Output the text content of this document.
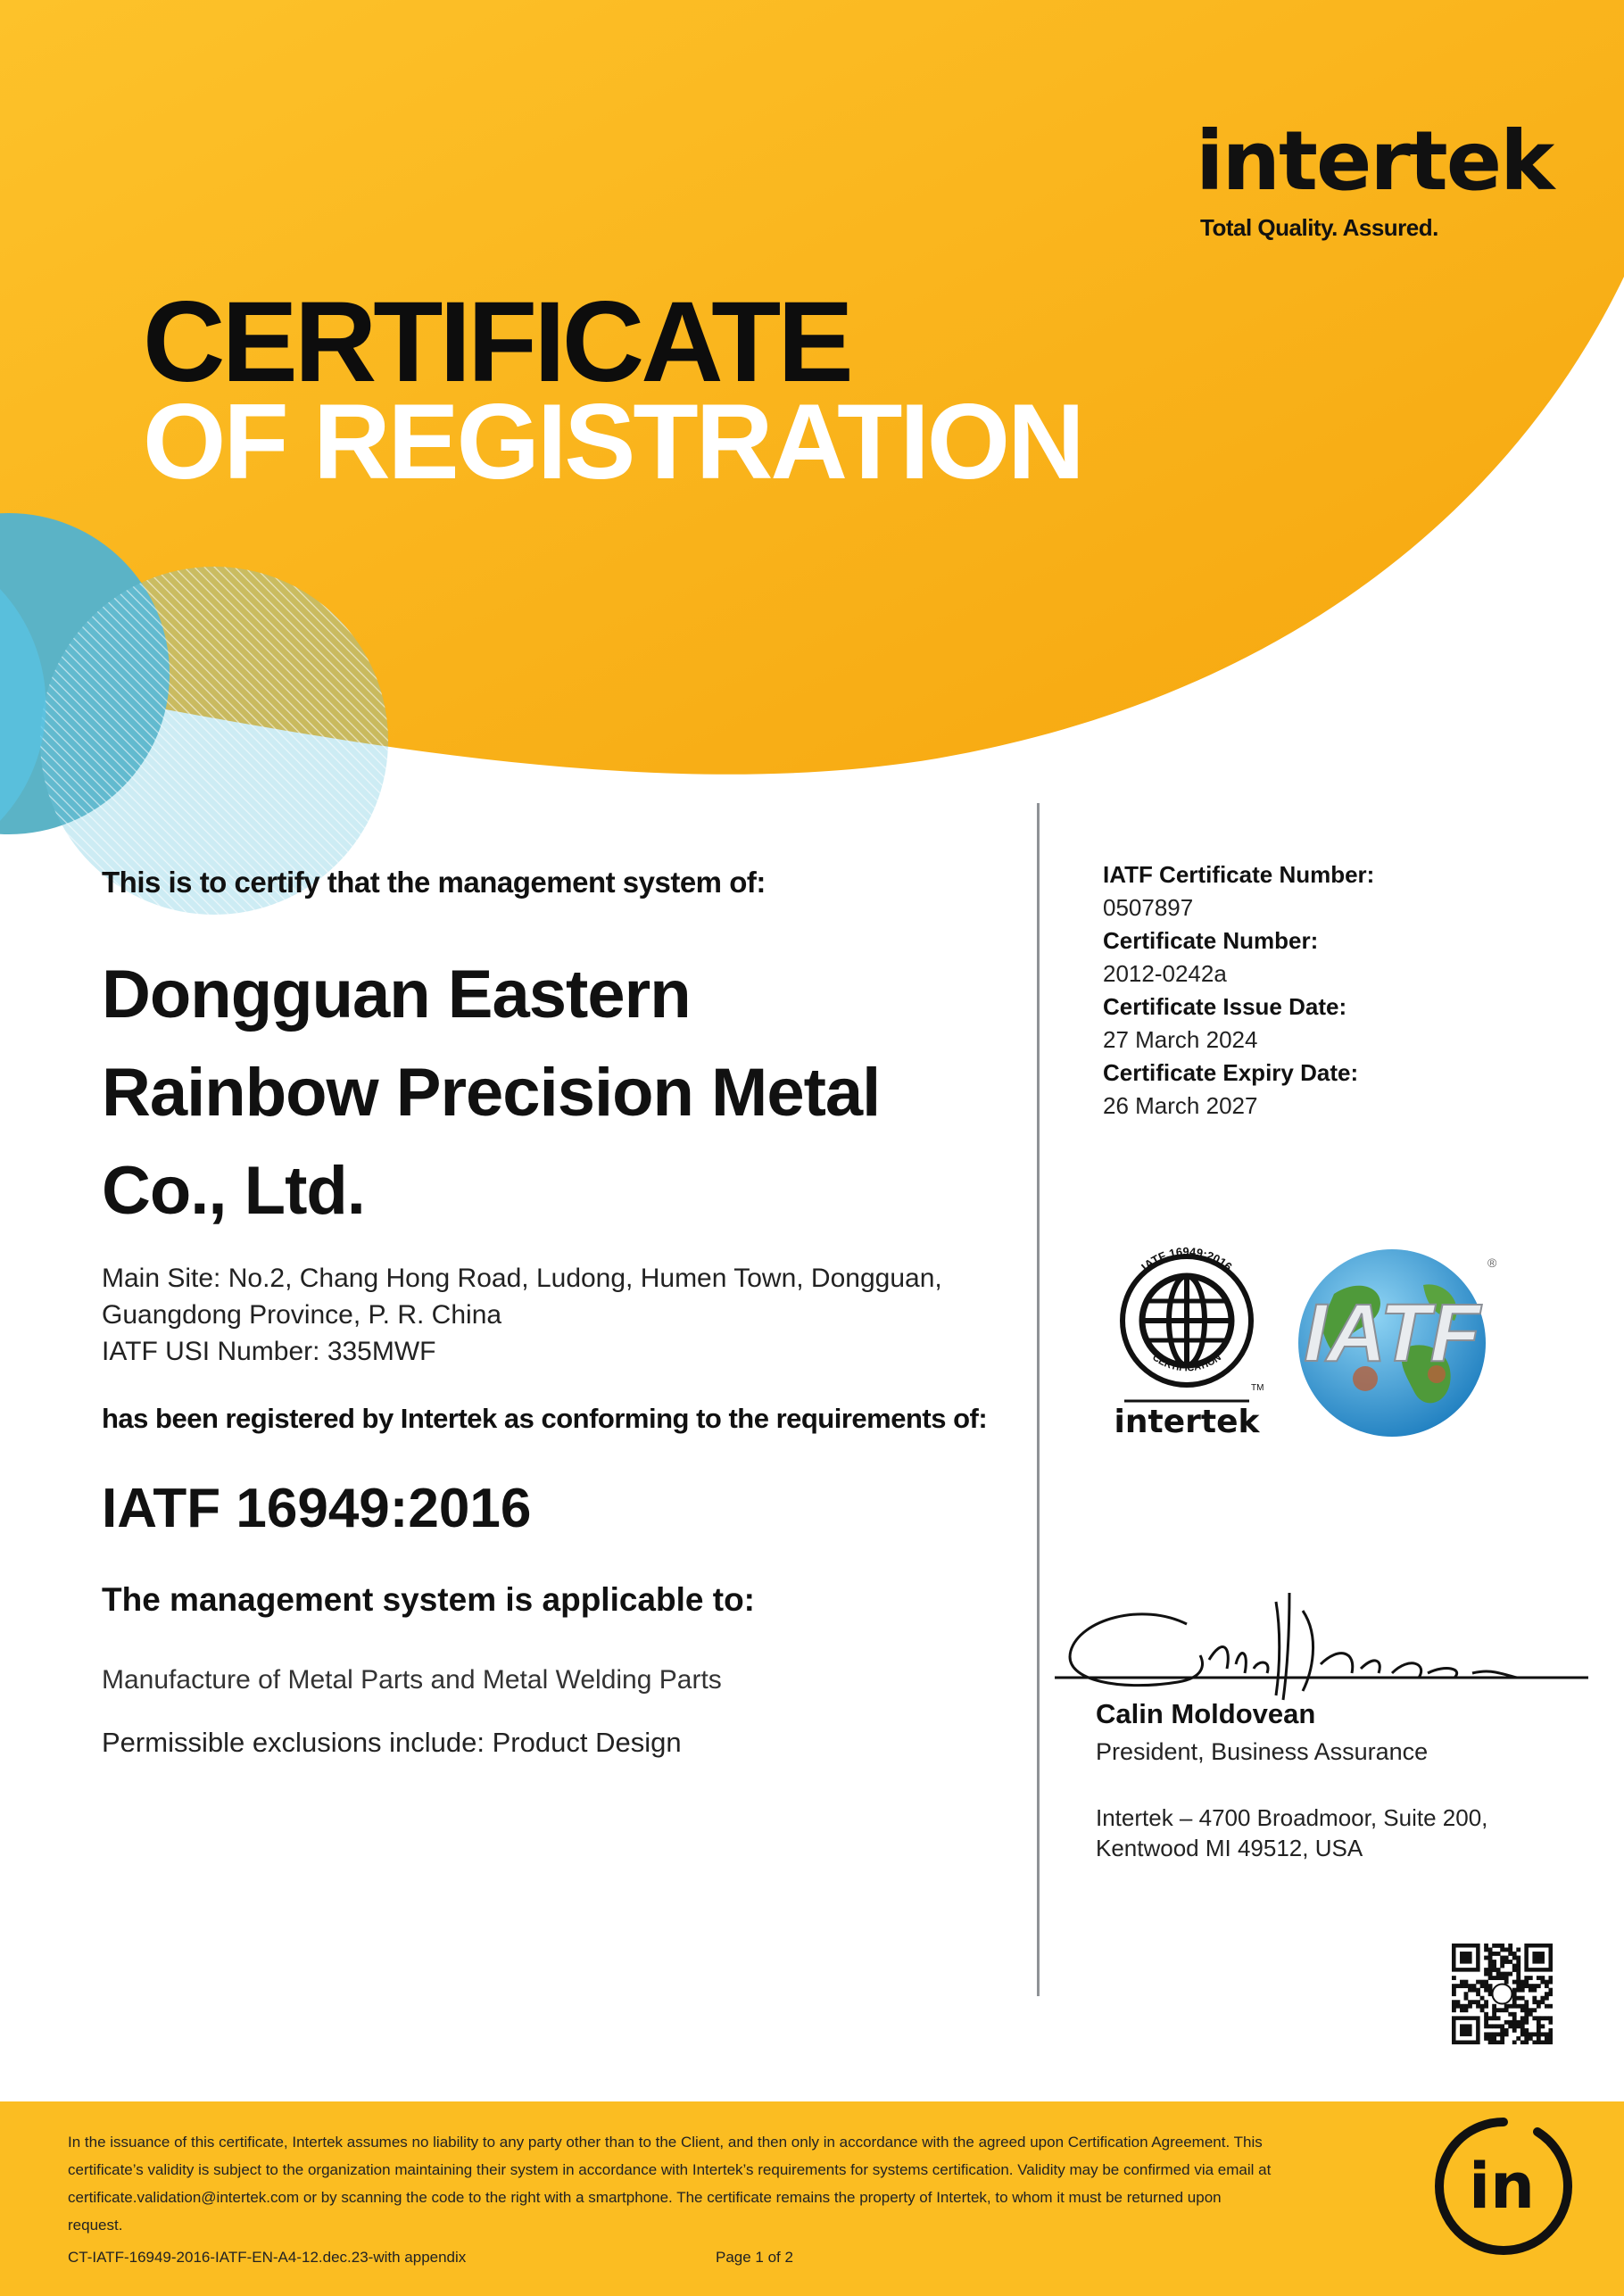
intertek
Total Quality. Assured.
CERTIFICATE
OF REGISTRATION
This is to certify that the management system of:
Dongguan Eastern Rainbow Precision Metal Co., Ltd.
Main Site: No.2, Chang Hong Road, Ludong, Humen Town, Dongguan,
Guangdong Province, P. R. China
IATF USI Number: 335MWF
has been registered by Intertek as conforming to the requirements of:
IATF 16949:2016
The management system is applicable to:
Manufacture of Metal Parts and Metal Welding Parts
Permissible exclusions include: Product Design
IATF Certificate Number:
0507897
Certificate Number:
2012-0242a
Certificate Issue Date:
27 March 2024
Certificate Expiry Date:
26 March 2027
IATF 16949:2016
CERTIFICATION
intertek
TM
IATF
®
Calin Moldovean
President, Business Assurance
Intertek – 4700 Broadmoor, Suite 200,
Kentwood MI 49512, USA
In the issuance of this certificate, Intertek assumes no liability to any party other than to the Client, and then only in accordance with the agreed upon Certification Agreement. This
certificate’s validity is subject to the organization maintaining their system in accordance with Intertek’s requirements for systems certification. Validity may be confirmed via email at
certificate.validation@intertek.com or by scanning the code to the right with a smartphone. The certificate remains the property of Intertek, to whom it must be returned upon
request.
CT-IATF-16949-2016-IATF-EN-A4-12.dec.23-with appendix	Page 1 of 2
in
